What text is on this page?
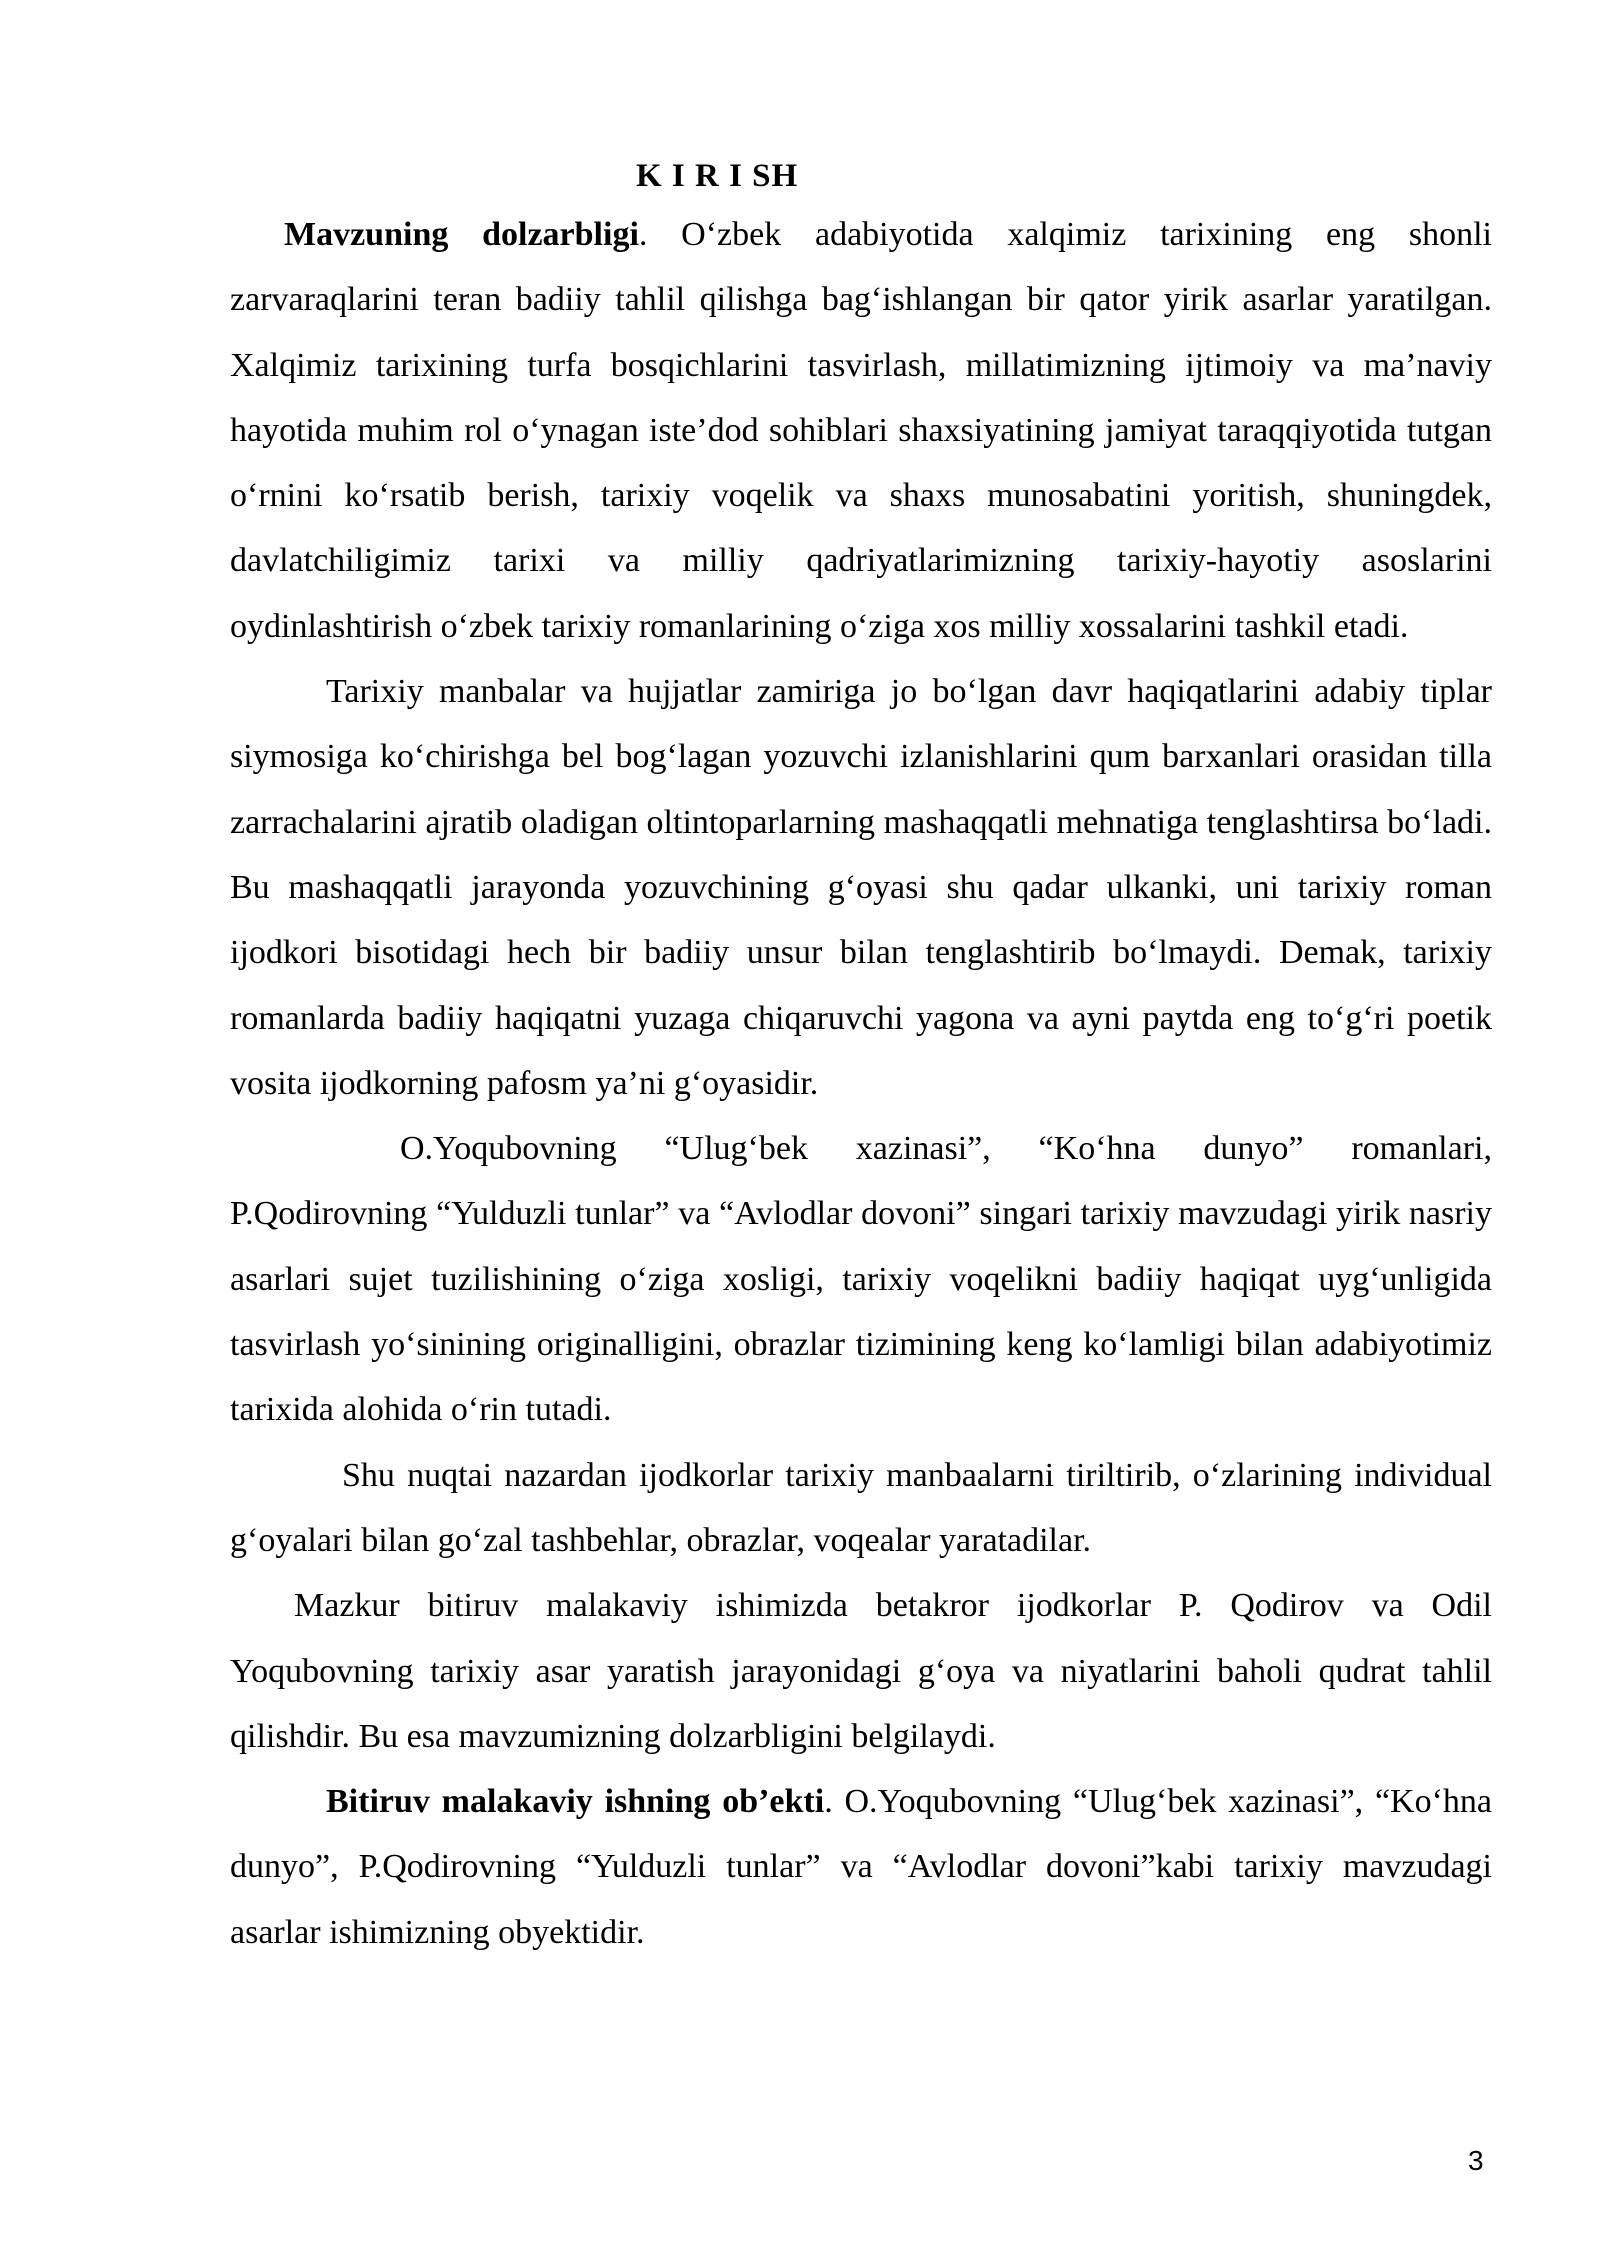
K I R I SH

Mavzuning dolzarbligi. O‘zbek adabiyotida xalqimiz tarixining eng shonli zarvaraqlarini teran badiiy tahlil qilishga bag‘ishlangan bir qator yirik asarlar yaratilgan. Xalqimiz tarixining turfa bosqichlarini tasvirlash, millatimizning ijtimoiy va ma’naviy hayotida muhim rol o‘ynagan iste’dod sohiblari shaxsiyatining jamiyat taraqqiyotida tutgan o‘rnini ko‘rsatib berish, tarixiy voqelik va shaxs munosabatini yoritish, shuningdek, davlatchiligimiz tarixi va milliy qadriyatlarimizning tarixiy-hayotiy asoslarini oydinlashtirish o‘zbek tarixiy romanlarining o‘ziga xos milliy xossalarini tashkil etadi.

Tarixiy manbalar va hujjatlar zamiriga jo bo‘lgan davr haqiqatlarini adabiy tiplar siymosiga ko‘chirishga bel bog‘lagan yozuvchi izlanishlarini qum barxanlari orasidan tilla zarrachalarini ajratib oladigan oltintoparlarning mashaqqatli mehnatiga tenglashtirsa bo‘ladi. Bu mashaqqatli jarayonda yozuvchining g‘oyasi shu qadar ulkanki, uni tarixiy roman ijodkori bisotidagi hech bir badiiy unsur bilan tenglashtirib bo‘lmaydi. Demak, tarixiy romanlarda badiiy haqiqatni yuzaga chiqaruvchi yagona va ayni paytda eng to‘g‘ri poetik vosita ijodkorning pafosm ya’ni g‘oyasidir.

O.Yoqubovning “Ulug‘bek xazinasi”, “Ko‘hna dunyo” romanlari, P.Qodirovning “Yulduzli tunlar” va “Avlodlar dovoni” singari tarixiy mavzudagi yirik nasriy asarlari sujet tuzilishining o‘ziga xosligi, tarixiy voqelikni badiiy haqiqat uyg‘unligida tasvirlash yo‘sinining originalligini, obrazlar tizimining keng ko‘lamligi bilan adabiyotimiz tarixida alohida o‘rin tutadi.

Shu nuqtai nazardan ijodkorlar tarixiy manbaalarni tiriltirib, o‘zlarining individual g‘oyalari bilan go‘zal tashbehlar, obrazlar, voqealar yaratadilar.

Mazkur bitiruv malakaviy ishimizda betakror ijodkorlar P. Qodirov va Odil Yoqubovning tarixiy asar yaratish jarayonidagi g‘oya va niyatlarini baholi qudrat tahlil qilishdir. Bu esa mavzumizning dolzarbligini belgilaydi.

Bitiruv malakaviy ishning ob’ekti. O.Yoqubovning “Ulug‘bek xazinasi”, “Ko‘hna dunyo”, P.Qodirovning “Yulduzli tunlar” va “Avlodlar dovoni”kabi tarixiy mavzudagi asarlar ishimizning obyektidir.

3
